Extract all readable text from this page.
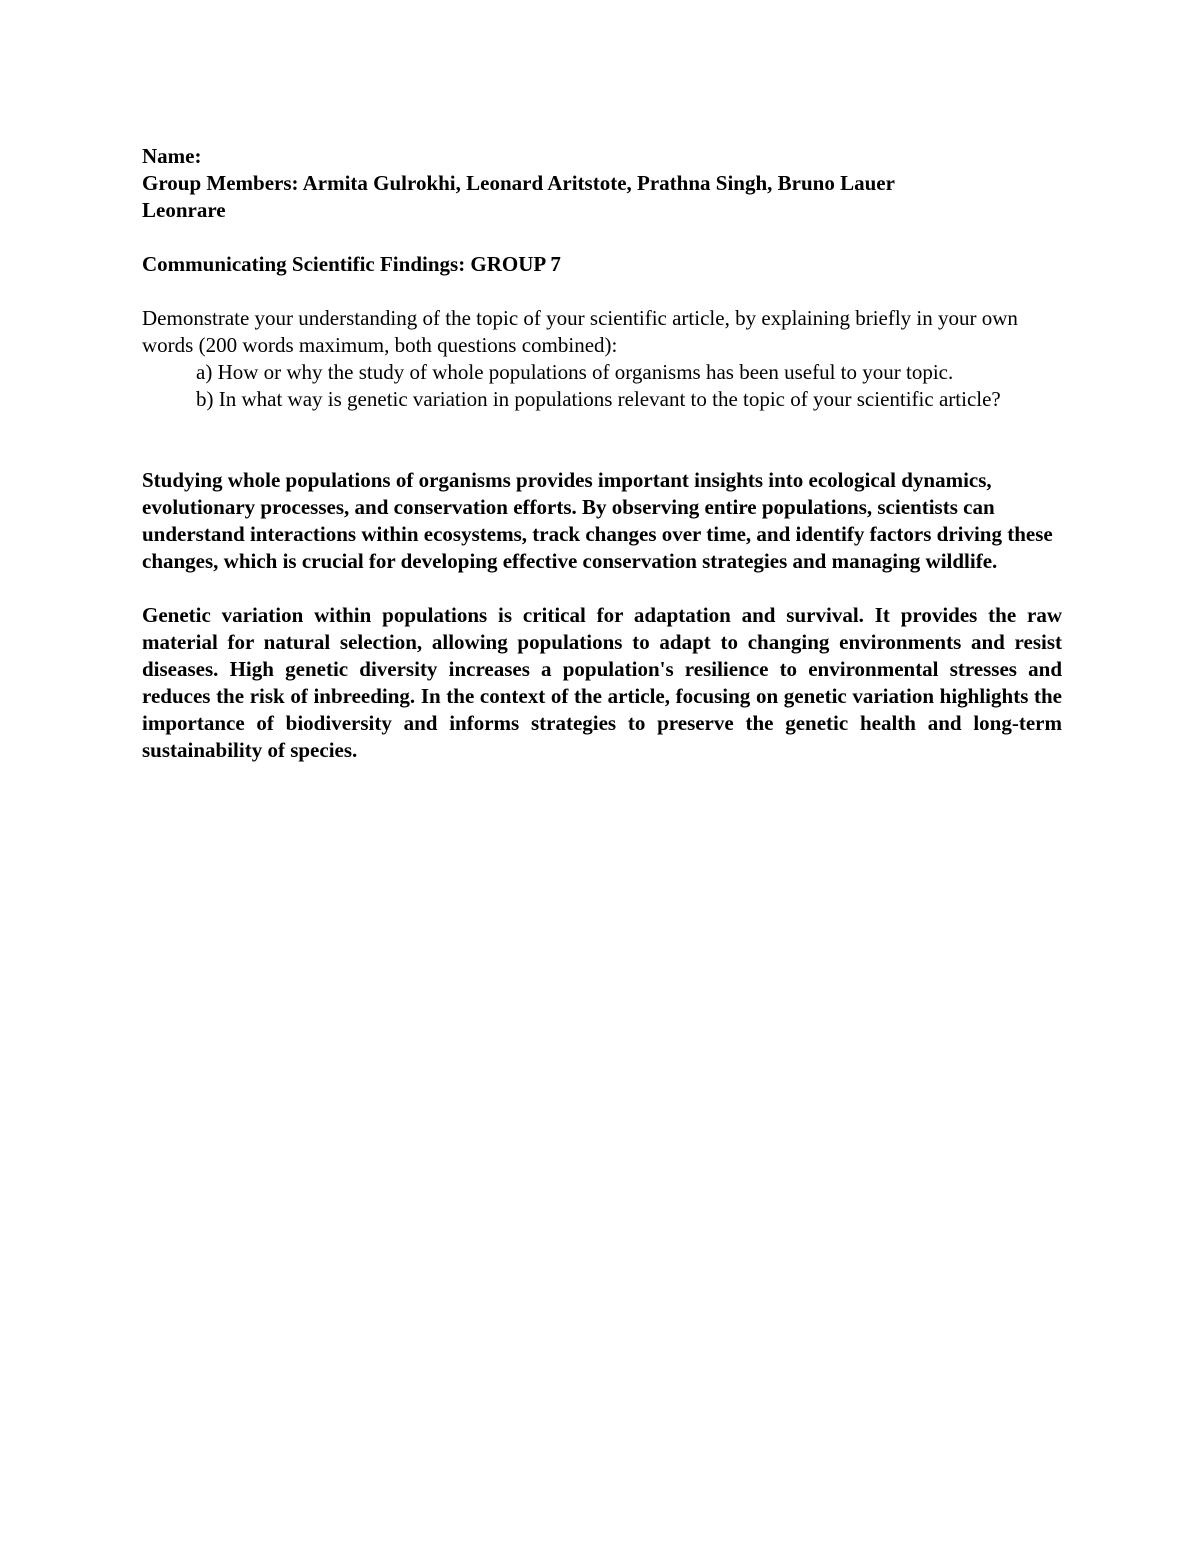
Name:
Group Members: Armita Gulrokhi, Leonard Aritstote, Prathna Singh, Bruno Lauer
Leonrare

Communicating Scientific Findings: GROUP 7

Demonstrate your understanding of the topic of your scientific article, by explaining briefly in your own words (200 words maximum, both questions combined):
a) How or why the study of whole populations of organisms has been useful to your topic.
b) In what way is genetic variation in populations relevant to the topic of your scientific article?

Studying whole populations of organisms provides important insights into ecological dynamics, evolutionary processes, and conservation efforts. By observing entire populations, scientists can understand interactions within ecosystems, track changes over time, and identify factors driving these changes, which is crucial for developing effective conservation strategies and managing wildlife.

Genetic variation within populations is critical for adaptation and survival. It provides the raw material for natural selection, allowing populations to adapt to changing environments and resist diseases. High genetic diversity increases a population's resilience to environmental stresses and reduces the risk of inbreeding. In the context of the article, focusing on genetic variation highlights the importance of biodiversity and informs strategies to preserve the genetic health and long-term sustainability of species.
